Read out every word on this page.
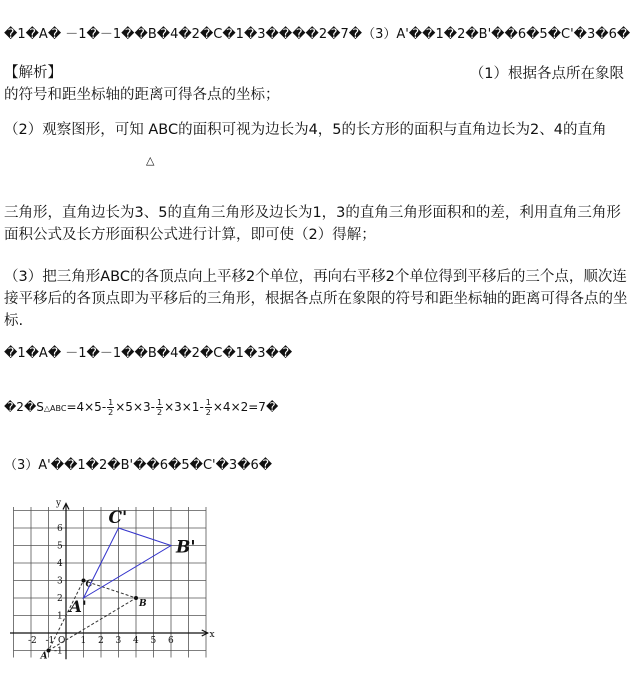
�1�A� －1�－1��B�4�2�C�1�3����2�7�（3）A'��1�2�B'��6�5�C'�3�6�
【解析】	（1）根据各点所在象限
的符号和距坐标轴的距离可得各点的坐标；
（2）观察图形，可知 ABC的面积可视为边长为4，5的长方形的面积与直角边长为2、4的直角
△
三角形，直角边长为3、5的直角三角形及边长为1，3的直角三角形面积和的差，利用直角三角形面积公式及长方形面积公式进行计算，即可使（2）得解；
（3）把三角形ABC的各顶点向上平移2个单位，再向右平移2个单位得到平移后的三个点，顺次连接平移后的各顶点即为平移后的三角形，根据各点所在象限的符号和距坐标轴的距离可得各点的坐标.
�1�A� －1�－1��B�4�2�C�1�3��
�2�S△ABC=4×5- $\frac{1}{2} \times 5\times 3- \frac{1}{2} \times 3\times 1- \frac{1}{2}$ ×4×2=7�
（3）A'��1�2�B'��6�5�C'�3�6�
-2 -1	1 2 3 4 5 6
6
5
4
3
2
1
-1
O
x
y
A
B
C
A'
B'
C'
